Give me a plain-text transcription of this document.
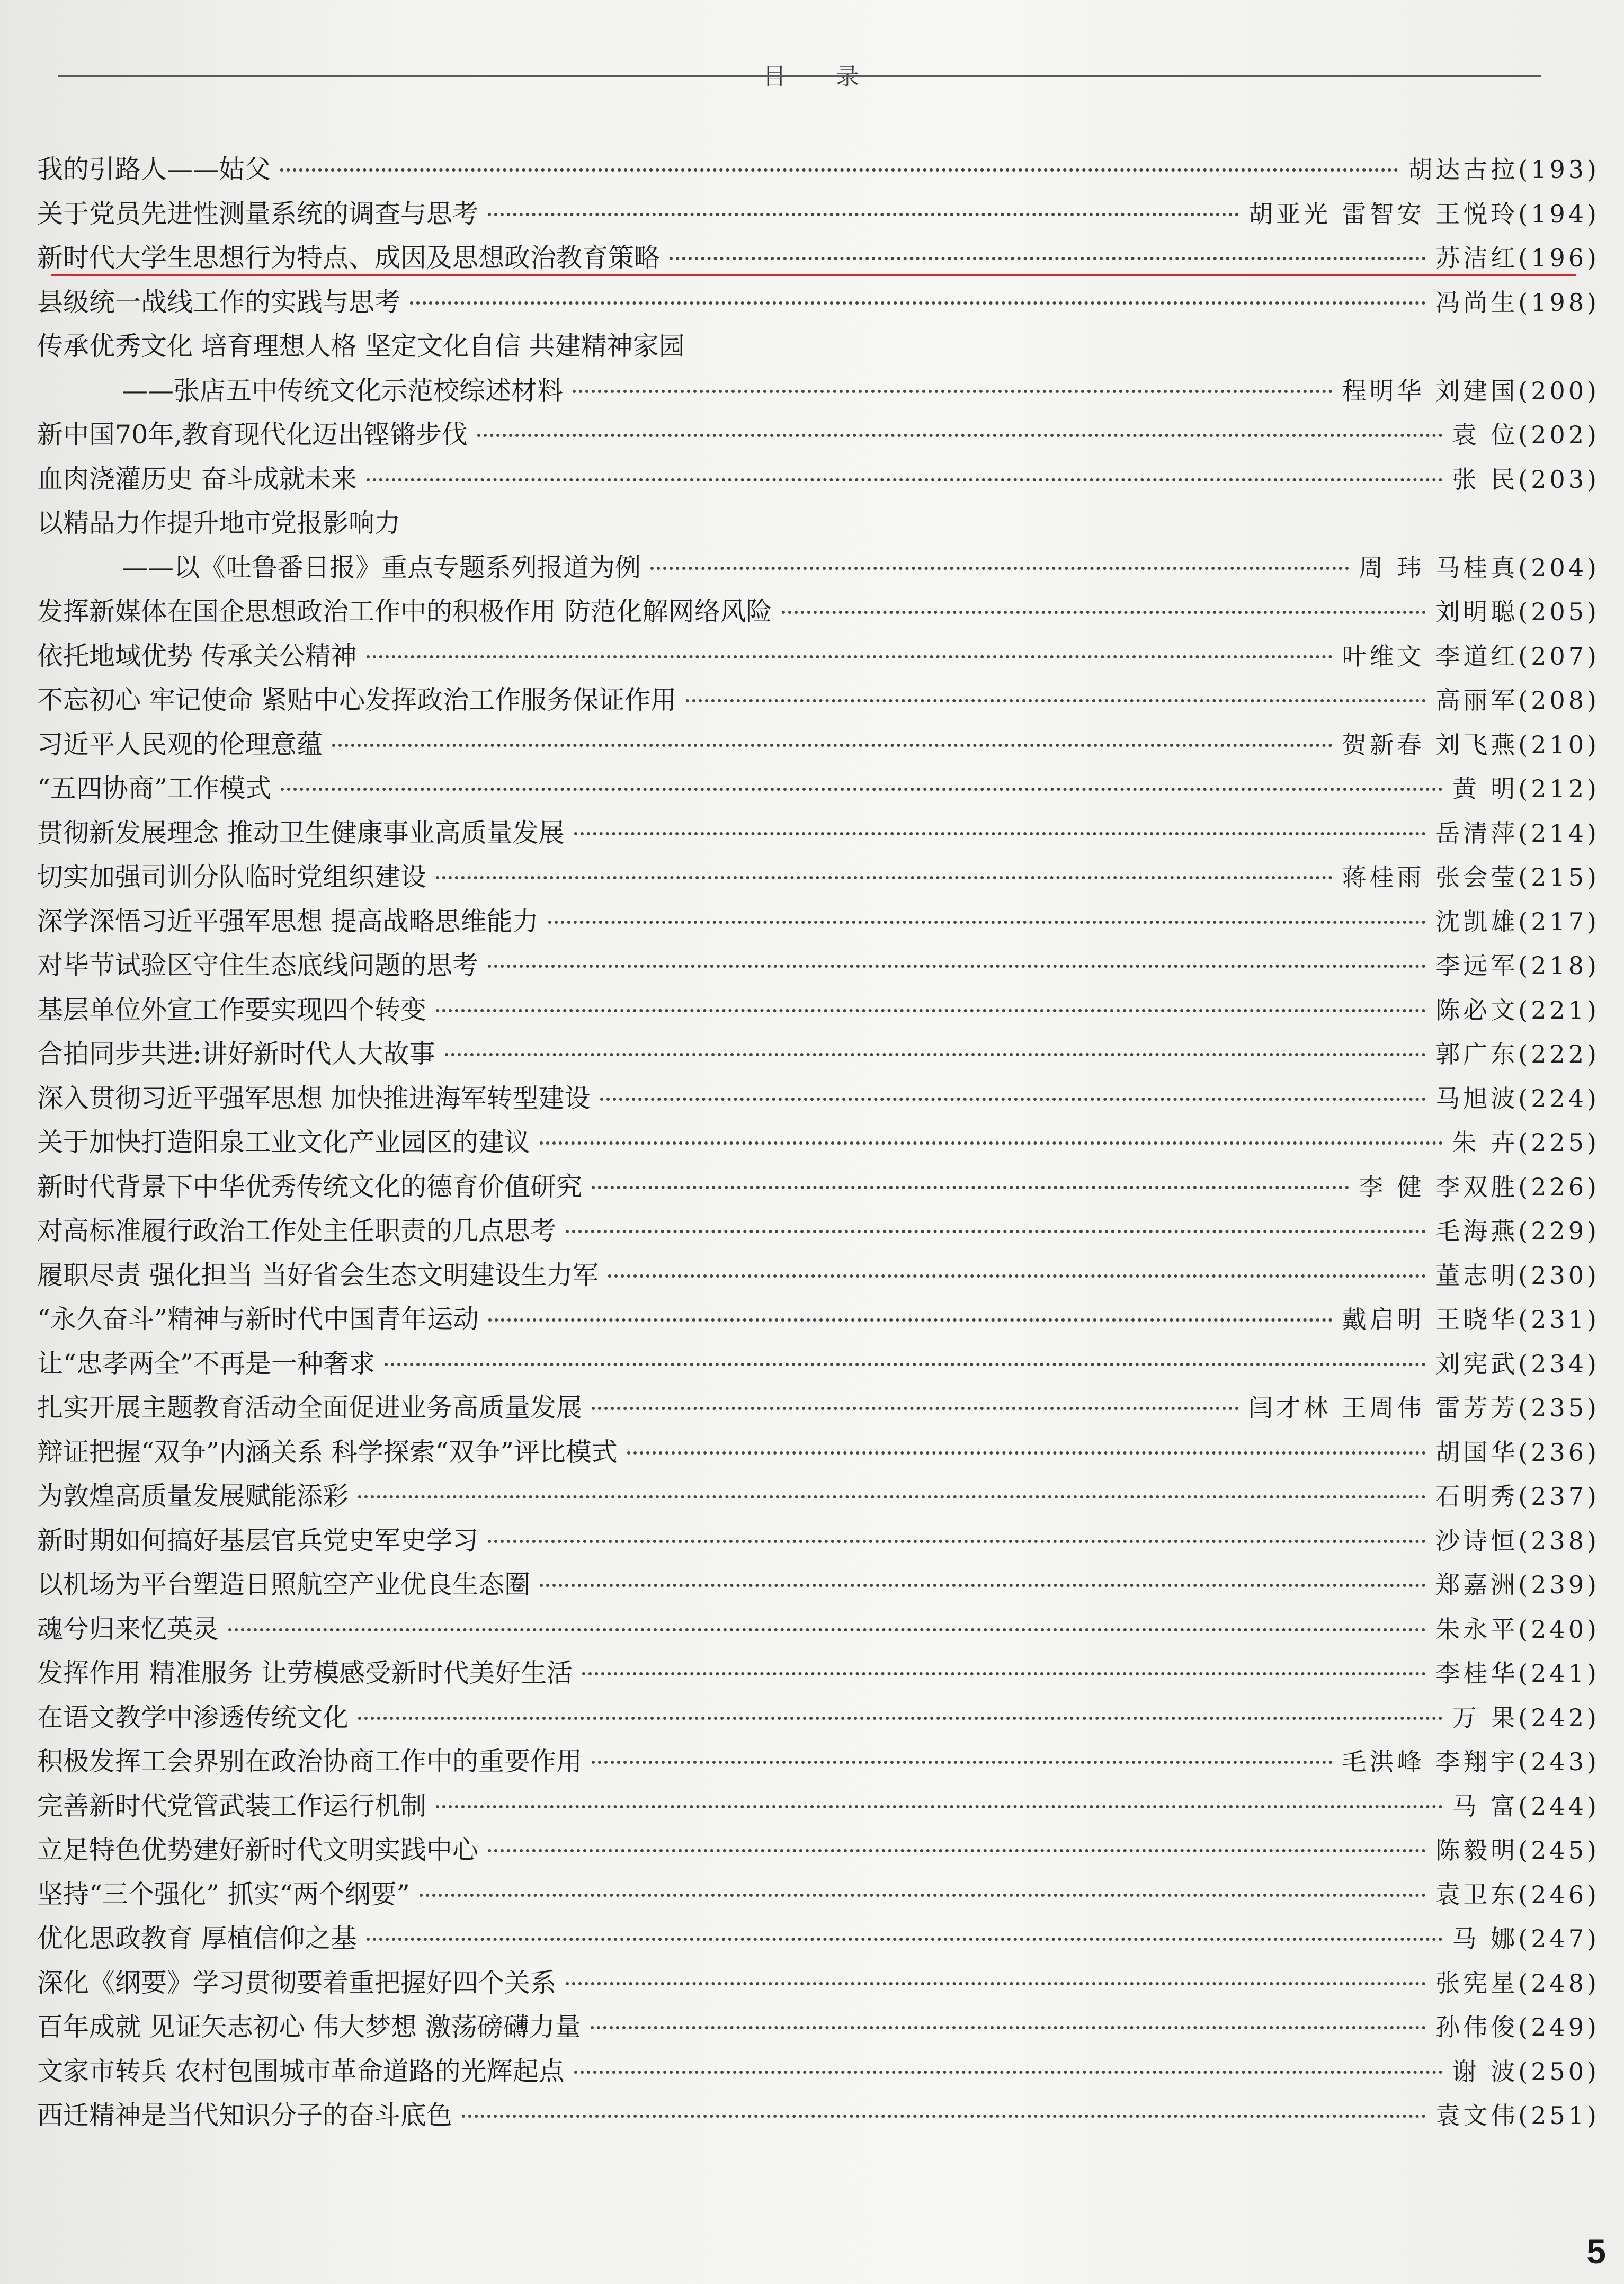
目 录
我的引路人——姑父	胡达古拉(193)
关于党员先进性测量系统的调查与思考	胡亚光 雷智安 王悦玲(194)
新时代大学生思想行为特点、成因及思想政治教育策略	苏洁红(196)
县级统一战线工作的实践与思考	冯尚生(198)
传承优秀文化 培育理想人格 坚定文化自信 共建精神家园
——张店五中传统文化示范校综述材料	程明华 刘建国(200)
新中国70年,教育现代化迈出铿锵步伐	袁 位(202)
血肉浇灌历史 奋斗成就未来	张 民(203)
以精品力作提升地市党报影响力
——以《吐鲁番日报》重点专题系列报道为例	周 玮 马桂真(204)
发挥新媒体在国企思想政治工作中的积极作用 防范化解网络风险	刘明聪(205)
依托地域优势 传承关公精神	叶维文 李道红(207)
不忘初心 牢记使命 紧贴中心发挥政治工作服务保证作用	高丽军(208)
习近平人民观的伦理意蕴	贺新春 刘飞燕(210)
“五四协商”工作模式	黄 明(212)
贯彻新发展理念 推动卫生健康事业高质量发展	岳清萍(214)
切实加强司训分队临时党组织建设	蒋桂雨 张会莹(215)
深学深悟习近平强军思想 提高战略思维能力	沈凯雄(217)
对毕节试验区守住生态底线问题的思考	李远军(218)
基层单位外宣工作要实现四个转变	陈必文(221)
合拍同步共进:讲好新时代人大故事	郭广东(222)
深入贯彻习近平强军思想 加快推进海军转型建设	马旭波(224)
关于加快打造阳泉工业文化产业园区的建议	朱 卉(225)
新时代背景下中华优秀传统文化的德育价值研究	李 健 李双胜(226)
对高标准履行政治工作处主任职责的几点思考	毛海燕(229)
履职尽责 强化担当 当好省会生态文明建设生力军	董志明(230)
“永久奋斗”精神与新时代中国青年运动	戴启明 王晓华(231)
让“忠孝两全”不再是一种奢求	刘宪武(234)
扎实开展主题教育活动全面促进业务高质量发展	闫才林 王周伟 雷芳芳(235)
辩证把握“双争”内涵关系 科学探索“双争”评比模式	胡国华(236)
为敦煌高质量发展赋能添彩	石明秀(237)
新时期如何搞好基层官兵党史军史学习	沙诗恒(238)
以机场为平台塑造日照航空产业优良生态圈	郑嘉洲(239)
魂兮归来忆英灵	朱永平(240)
发挥作用 精准服务 让劳模感受新时代美好生活	李桂华(241)
在语文教学中渗透传统文化	万 果(242)
积极发挥工会界别在政治协商工作中的重要作用	毛洪峰 李翔宇(243)
完善新时代党管武装工作运行机制	马 富(244)
立足特色优势建好新时代文明实践中心	陈毅明(245)
坚持“三个强化” 抓实“两个纲要”	袁卫东(246)
优化思政教育 厚植信仰之基	马 娜(247)
深化《纲要》学习贯彻要着重把握好四个关系	张宪星(248)
百年成就 见证矢志初心 伟大梦想 激荡磅礴力量	孙伟俊(249)
文家市转兵 农村包围城市革命道路的光辉起点	谢 波(250)
西迁精神是当代知识分子的奋斗底色	袁文伟(251)
5
